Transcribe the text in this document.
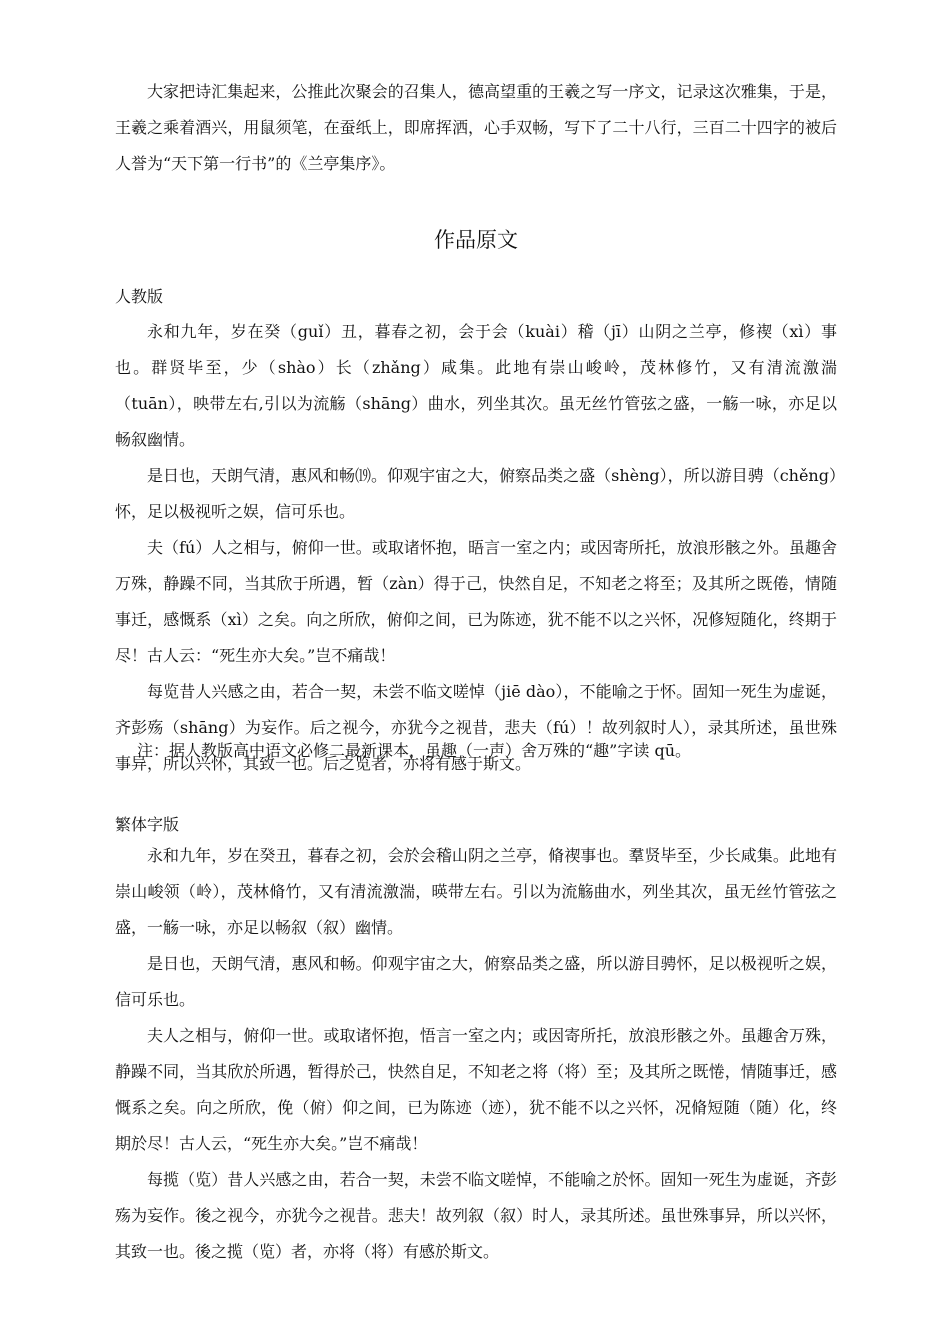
大家把诗汇集起来，公推此次聚会的召集人，德高望重的王羲之写一序文，记录这次雅集，于是，王羲之乘着酒兴，用鼠须笔，在蚕纸上，即席挥洒，心手双畅，写下了二十八行，三百二十四字的被后人誉为“天下第一行书”的《兰亭集序》。

作品原文
人教版

永和九年，岁在癸（guǐ）丑，暮春之初，会于会（kuài）稽（jī）山阴之兰亭，修禊（xì）事也。群贤毕至，少（shào）长（zhǎng）咸集。此地有崇山峻岭，茂林修竹，又有清流激湍（tuān），映带左右,引以为流觞（shāng）曲水，列坐其次。虽无丝竹管弦之盛，一觞一咏，亦足以畅叙幽情。

是日也，天朗气清，惠风和畅⒆。仰观宇宙之大，俯察品类之盛（shèng），所以游目骋（chěng）怀，足以极视听之娱，信可乐也。

夫（fú）人之相与，俯仰一世。或取诸怀抱，晤言一室之内；或因寄所托，放浪形骸之外。虽趣舍万殊，静躁不同，当其欣于所遇，暂（zàn）得于己，快然自足，不知老之将至；及其所之既倦，情随事迁，感慨系（xì）之矣。向之所欣，俯仰之间，已为陈迹，犹不能不以之兴怀，况修短随化，终期于尽！古人云：“死生亦大矣。”岂不痛哉！

每览昔人兴感之由，若合一契，未尝不临文嗟悼（jiē dào），不能喻之于怀。固知一死生为虚诞，齐彭殇（shāng）为妄作。后之视今，亦犹今之视昔，悲夫（fú）！故列叙时人），录其所述，虽世殊事异，所以兴怀，其致一也。后之览者，亦将有感于斯文。

注：据人教版高中语文必修二最新课本，虽趣（一声）舍万殊的“趣”字读 qū。
繁体字版

永和九年，岁在癸丑，暮春之初，会於会稽山阴之兰亭，脩禊事也。羣贤毕至，少长咸集。此地有崇山峻领（岭），茂林脩竹，又有清流激湍，暎带左右。引以为流觞曲水，列坐其次，虽无丝竹管弦之盛，一觞一咏，亦足以畅叙（叙）幽情。

是日也，天朗气清，惠风和畅。仰观宇宙之大，俯察品类之盛，所以游目骋怀，足以极视听之娱，信可乐也。

夫人之相与，俯仰一世。或取诸怀抱，悟言一室之内；或因寄所托，放浪形骸之外。虽趣舍万殊，静躁不同，当其欣於所遇，暂得於己，快然自足，不知老之将（将）至；及其所之既惓，情随事迁，感慨系之矣。向之所欣，俛（俯）仰之间，已为陈迹（迹），犹不能不以之兴怀，况脩短随（随）化，终期於尽！古人云，“死生亦大矣。”岂不痛哉！

每揽（览）昔人兴感之由，若合一契，未尝不临文嗟悼，不能喻之於怀。固知一死生为虚诞，齐彭殇为妄作。後之视今，亦犹今之视昔。悲夫！故列叙（叙）时人，录其所述。虽世殊事异，所以兴怀，其致一也。後之揽（览）者，亦将（将）有感於斯文。
